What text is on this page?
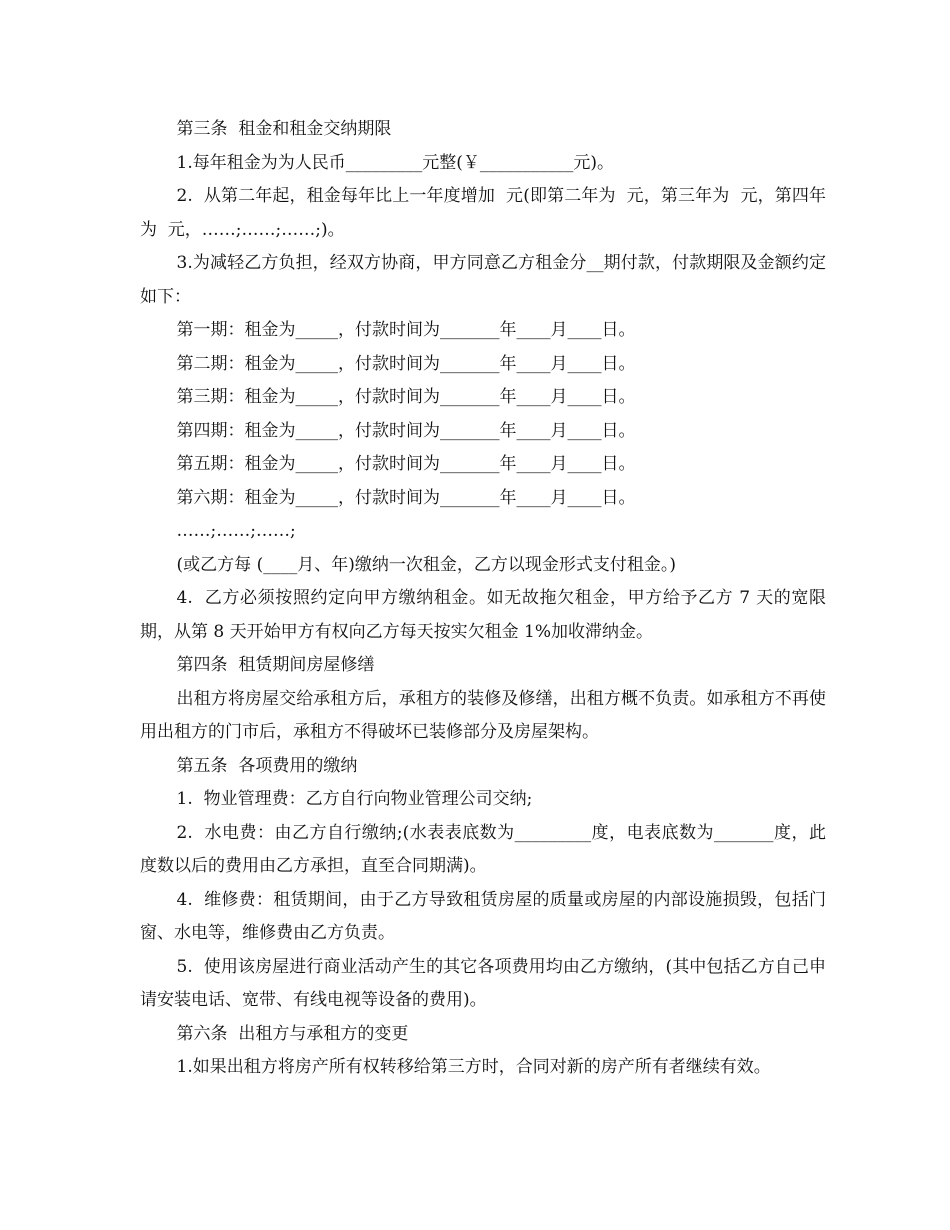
第三条  租金和租金交纳期限

1.每年租金为为人民币_________元整(￥___________元)。

2.  从第二年起，租金每年比上一年度增加  元(即第二年为  元，第三年为  元，第四年为  元，……;……;……;)。

3.为减轻乙方负担，经双方协商，甲方同意乙方租金分__期付款，付款期限及金额约定如下：

第一期：租金为_____，付款时间为_______年____月____日。

第二期：租金为_____，付款时间为_______年____月____日。

第三期：租金为_____，付款时间为_______年____月____日。

第四期：租金为_____，付款时间为_______年____月____日。

第五期：租金为_____，付款时间为_______年____月____日。

第六期：租金为_____，付款时间为_______年____月____日。

……;……;……;

(或乙方每 (____月、年)缴纳一次租金，乙方以现金形式支付租金。)

4.  乙方必须按照约定向甲方缴纳租金。如无故拖欠租金，甲方给予乙方 7 天的宽限期，从第 8 天开始甲方有权向乙方每天按实欠租金 1%加收滞纳金。

第四条  租赁期间房屋修缮

出租方将房屋交给承租方后，承租方的装修及修缮，出租方概不负责。如承租方不再使用出租方的门市后，承租方不得破坏已装修部分及房屋架构。

第五条  各项费用的缴纳

1.  物业管理费：乙方自行向物业管理公司交纳;

2.  水电费：由乙方自行缴纳;(水表表底数为_________度，电表底数为_______度，此度数以后的费用由乙方承担，直至合同期满)。

4.  维修费：租赁期间，由于乙方导致租赁房屋的质量或房屋的内部设施损毁，包括门窗、水电等，维修费由乙方负责。

5.  使用该房屋进行商业活动产生的其它各项费用均由乙方缴纳，(其中包括乙方自己申请安装电话、宽带、有线电视等设备的费用)。

第六条  出租方与承租方的变更

1.如果出租方将房产所有权转移给第三方时，合同对新的房产所有者继续有效。
